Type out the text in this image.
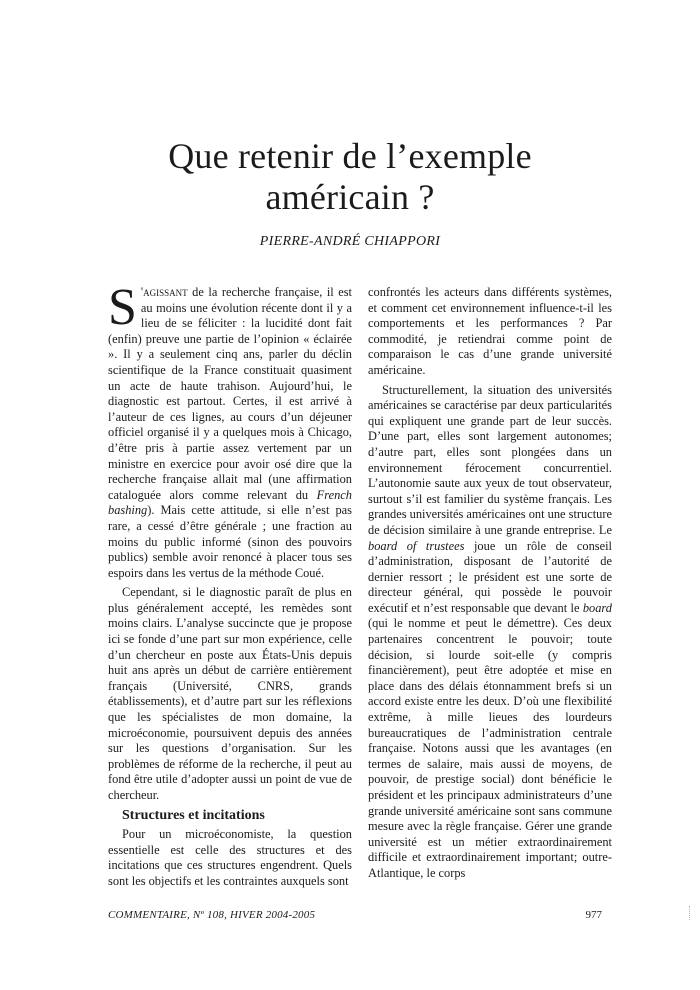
Que retenir de l’exemple
américain ?
PIERRE-ANDRÉ CHIAPPORI

S 'agissant de la recherche française, il est au moins une évolution récente dont il y a lieu de se féliciter : la lucidité dont fait (enfin) preuve une partie de l’opinion « éclairée ». Il y a seulement cinq ans, parler du déclin scientifique de la France constituait quasiment un acte de haute trahison. Aujourd’hui, le diagnostic est partout. Certes, il est arrivé à l’auteur de ces lignes, au cours d’un déjeuner officiel organisé il y a quelques mois à Chicago, d’être pris à partie assez vertement par un ministre en exercice pour avoir osé dire que la recherche française allait mal (une affirmation cataloguée alors comme relevant du French bashing). Mais cette attitude, si elle n’est pas rare, a cessé d’être générale ; une fraction au moins du public informé (sinon des pouvoirs publics) semble avoir renoncé à placer tous ses espoirs dans les vertus de la méthode Coué.

Cependant, si le diagnostic paraît de plus en plus généralement accepté, les remèdes sont moins clairs. L’analyse succincte que je propose ici se fonde d’une part sur mon expérience, celle d’un chercheur en poste aux États-Unis depuis huit ans après un début de carrière entièrement français (Université, CNRS, grands établissements), et d’autre part sur les réflexions que les spécialistes de mon domaine, la microéconomie, poursuivent depuis des années sur les questions d’organisation. Sur les problèmes de réforme de la recherche, il peut au fond être utile d’adopter aussi un point de vue de chercheur.

Structures et incitations

Pour un microéconomiste, la question essentielle est celle des structures et des incitations que ces structures engendrent. Quels sont les objectifs et les contraintes auxquels sont

confrontés les acteurs dans différents systèmes, et comment cet environnement influence-t-il les comportements et les performances ? Par commodité, je retiendrai comme point de comparaison le cas d’une grande université américaine.

Structurellement, la situation des universités américaines se caractérise par deux particularités qui expliquent une grande part de leur succès. D’une part, elles sont largement autonomes; d’autre part, elles sont plongées dans un environnement férocement concurrentiel. L’autonomie saute aux yeux de tout observateur, surtout s’il est familier du système français. Les grandes universités américaines ont une structure de décision similaire à une grande entreprise. Le board of trustees joue un rôle de conseil d’administration, disposant de l’autorité de dernier ressort ; le président est une sorte de directeur général, qui possède le pouvoir exécutif et n’est responsable que devant le board (qui le nomme et peut le démettre). Ces deux partenaires concentrent le pouvoir; toute décision, si lourde soit-elle (y compris financièrement), peut être adoptée et mise en place dans des délais étonnamment brefs si un accord existe entre les deux. D’où une flexibilité extrême, à mille lieues des lourdeurs bureaucratiques de l’administration centrale française. Notons aussi que les avantages (en termes de salaire, mais aussi de moyens, de pouvoir, de prestige social) dont bénéficie le président et les principaux administrateurs d’une grande université américaine sont sans commune mesure avec la règle française. Gérer une grande université est un métier extraordinairement difficile et extraordinairement important; outre-Atlantique, le corps

COMMENTAIRE, Nº 108, HIVER 2004-2005	977
